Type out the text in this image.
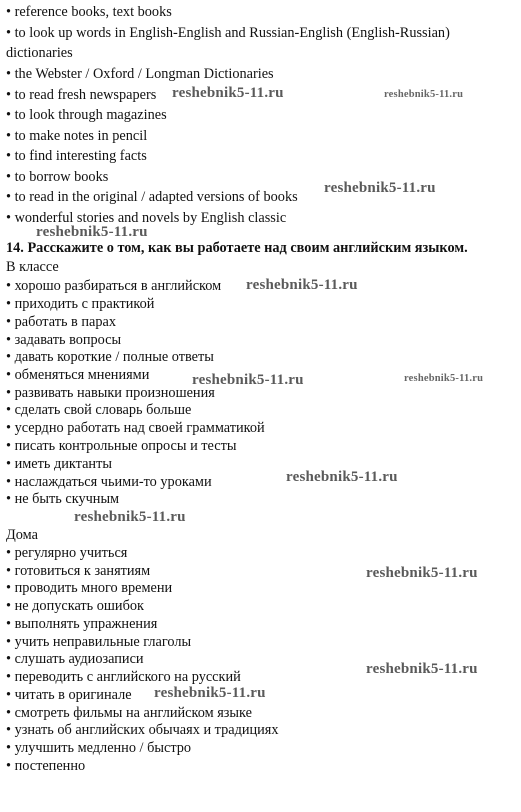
• reference books, text books
• to look up words in English-English and Russian-English (English-Russian)
dictionaries
• the Webster / Oxford / Longman Dictionaries
• to read fresh newspapers
• to look through magazines
• to make notes in pencil
• to find interesting facts
• to borrow books
• to read in the original / adapted versions of books
• wonderful stories and novels by English classic
14. Расскажите о том, как вы работаете над своим английским языком.
В классе
• хорошо разбираться в английском
• приходить с практикой
• работать в парах
• задавать вопросы
• давать короткие / полные ответы
• обменяться мнениями
• развивать навыки произношения
• сделать свой словарь больше
• усердно работать над своей грамматикой
• писать контрольные опросы и тесты
• иметь диктанты
• наслаждаться чьими-то уроками
• не быть скучным
Дома
• регулярно учиться
• готовиться к занятиям
• проводить много времени
• не допускать ошибок
• выполнять упражнения
• учить неправильные глаголы
• слушать аудиозаписи
• переводить с английского на русский
• читать в оригинале
• смотреть фильмы на английском языке
• узнать об английских обычаях и традициях
• улучшить медленно / быстро
• постепенно
reshebnik5-11.ru	reshebnik5-11.ru
reshebnik5-11.ru
reshebnik5-11.ru
reshebnik5-11.ru
reshebnik5-11.ru	reshebnik5-11.ru
reshebnik5-11.ru
reshebnik5-11.ru
reshebnik5-11.ru
reshebnik5-11.ru
reshebnik5-11.ru
